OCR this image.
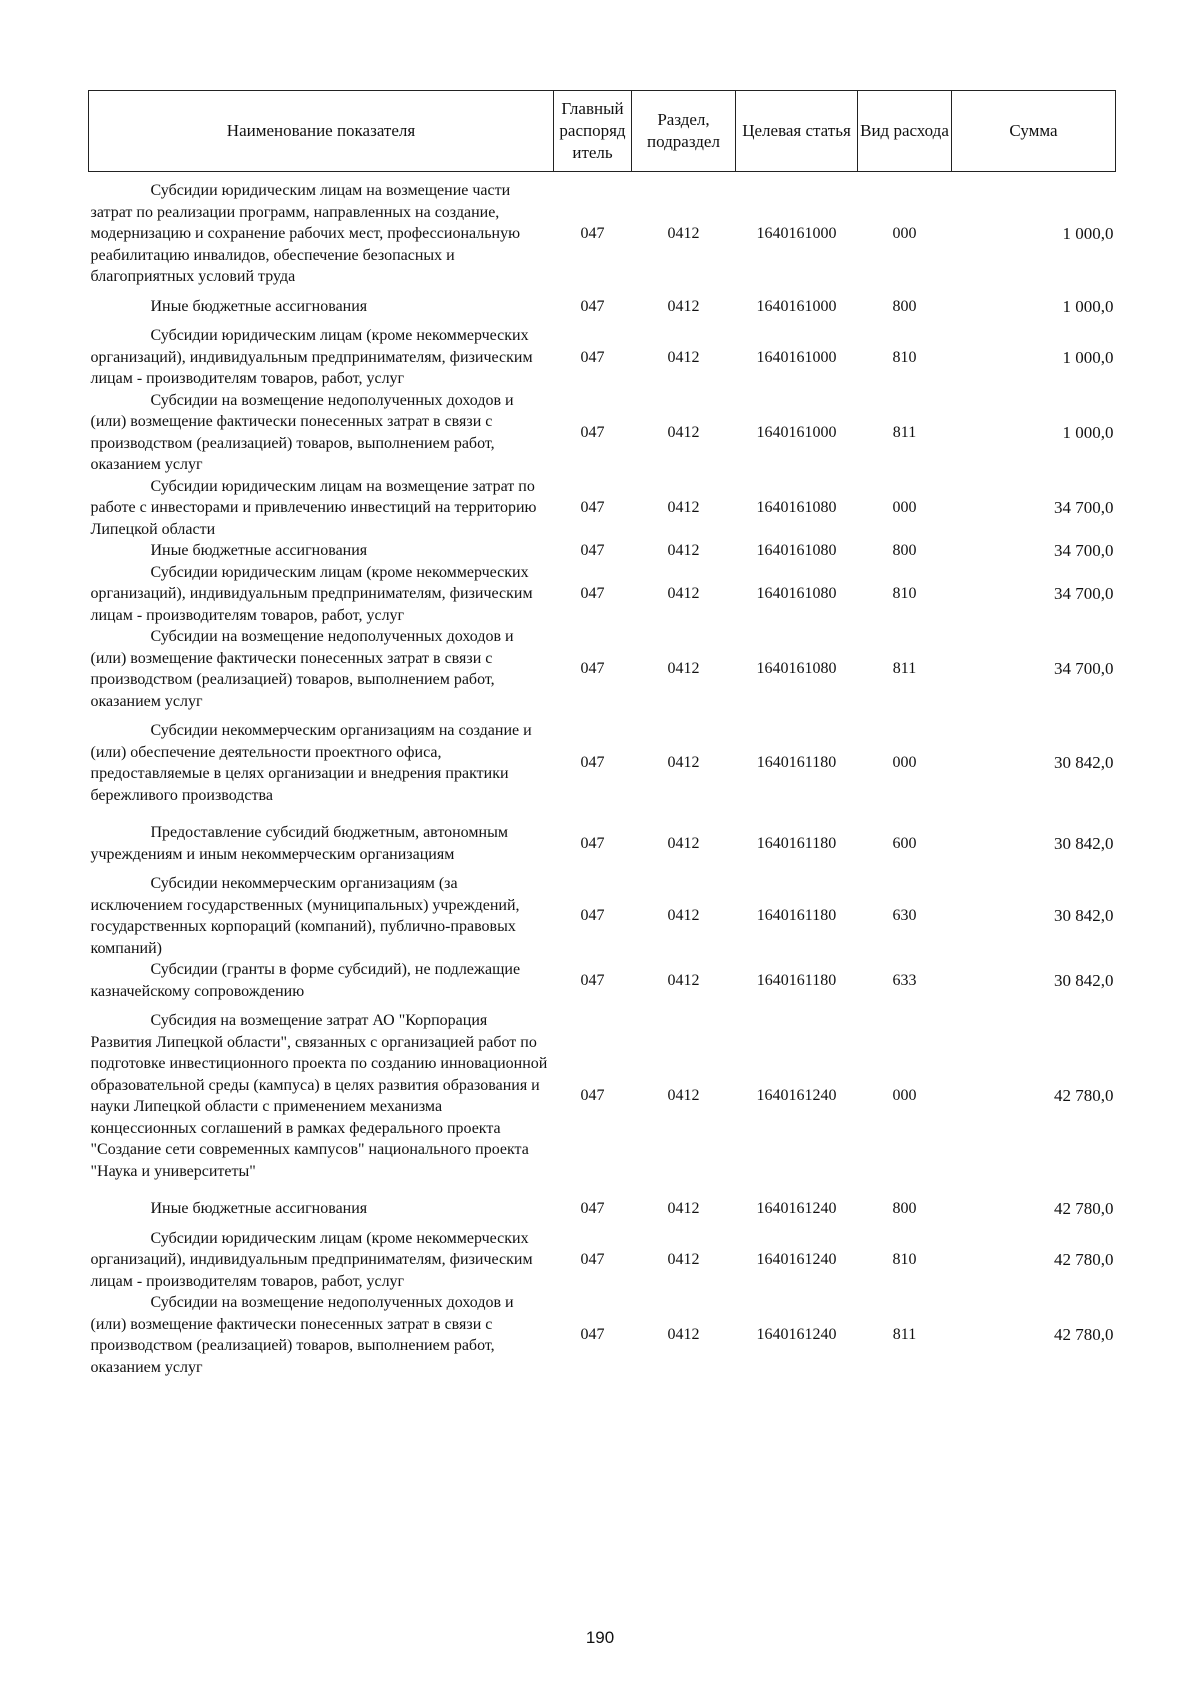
Наименование показателя	Главный распоряд итель	Раздел, подраздел	Целевая статья	Вид расхода	Сумма

Субсидии юридическим лицам на возмещение части затрат по реализации программ, направленных на создание, модернизацию и сохранение рабочих мест, профессиональную реабилитацию инвалидов, обеспечение безопасных и благоприятных условий труда	047	0412	1640161000	000	1 000,0

Иные бюджетные ассигнования	047	0412	1640161000	800	1 000,0

Субсидии юридическим лицам (кроме некоммерческих организаций), индивидуальным предпринимателям, физическим лицам - производителям товаров, работ, услуг	047	0412	1640161000	810	1 000,0

Субсидии на возмещение недополученных доходов и (или) возмещение фактически понесенных затрат в связи с производством (реализацией) товаров, выполнением работ, оказанием услуг	047	0412	1640161000	811	1 000,0

Субсидии юридическим лицам на возмещение затрат по работе с инвесторами и привлечению инвестиций на территорию Липецкой области	047	0412	1640161080	000	34 700,0

Иные бюджетные ассигнования	047	0412	1640161080	800	34 700,0

Субсидии юридическим лицам (кроме некоммерческих организаций), индивидуальным предпринимателям, физическим лицам - производителям товаров, работ, услуг	047	0412	1640161080	810	34 700,0

Субсидии на возмещение недополученных доходов и (или) возмещение фактически понесенных затрат в связи с производством (реализацией) товаров, выполнением работ, оказанием услуг	047	0412	1640161080	811	34 700,0

Субсидии некоммерческим организациям на создание и (или) обеспечение деятельности проектного офиса, предоставляемые в целях организации и внедрения практики бережливого производства	047	0412	1640161180	000	30 842,0

Предоставление субсидий бюджетным, автономным учреждениям и иным некоммерческим организациям	047	0412	1640161180	600	30 842,0

Субсидии некоммерческим организациям (за исключением государственных (муниципальных) учреждений, государственных корпораций (компаний), публично-правовых компаний)	047	0412	1640161180	630	30 842,0

Субсидии (гранты в форме субсидий), не подлежащие казначейскому сопровождению	047	0412	1640161180	633	30 842,0

Субсидия на возмещение затрат АО "Корпорация Развития Липецкой области", связанных с организацией работ по подготовке инвестиционного проекта по созданию инновационной образовательной среды (кампуса) в целях развития образования и науки Липецкой области с применением механизма концессионных соглашений в рамках федерального проекта "Создание сети современных кампусов" национального проекта "Наука и университеты"	047	0412	1640161240	000	42 780,0

Иные бюджетные ассигнования	047	0412	1640161240	800	42 780,0

Субсидии юридическим лицам (кроме некоммерческих организаций), индивидуальным предпринимателям, физическим лицам - производителям товаров, работ, услуг	047	0412	1640161240	810	42 780,0

Субсидии на возмещение недополученных доходов и (или) возмещение фактически понесенных затрат в связи с производством (реализацией) товаров, выполнением работ, оказанием услуг	047	0412	1640161240	811	42 780,0
190
